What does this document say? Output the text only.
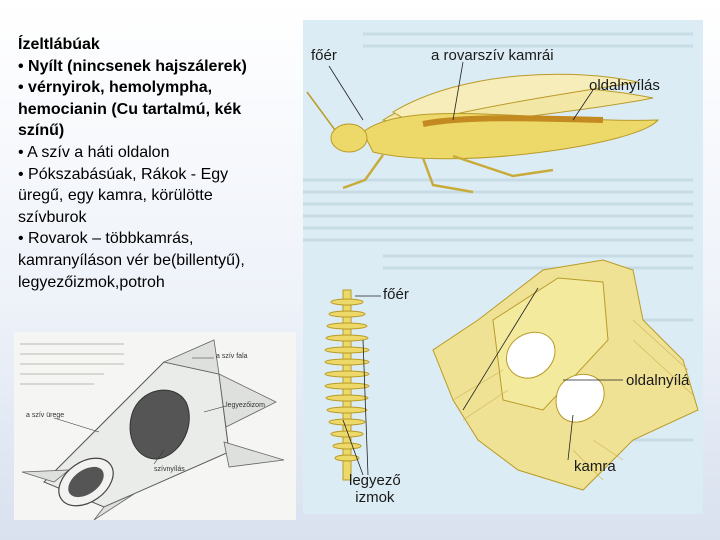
Ízeltlábúak
• Nyílt (nincsenek hajszálerek)
• vérnyirok, hemolympha,
hemocianin (Cu tartalmú, kék
színű)
• A szív a háti oldalon
• Pókszabásúak, Rákok - Egy
üregű, egy kamra, körülötte
szívburok
• Rovarok – többkamrás,
kamranyíláson vér be(billentyű),
legyezőizmok,potroh
a szív fala
a szív ürege
legyezőizom
szívnyílás
főér	a rovarszív kamrái
oldalnyílás
főér
oldalnyílá
kamra
legyező
izmok
